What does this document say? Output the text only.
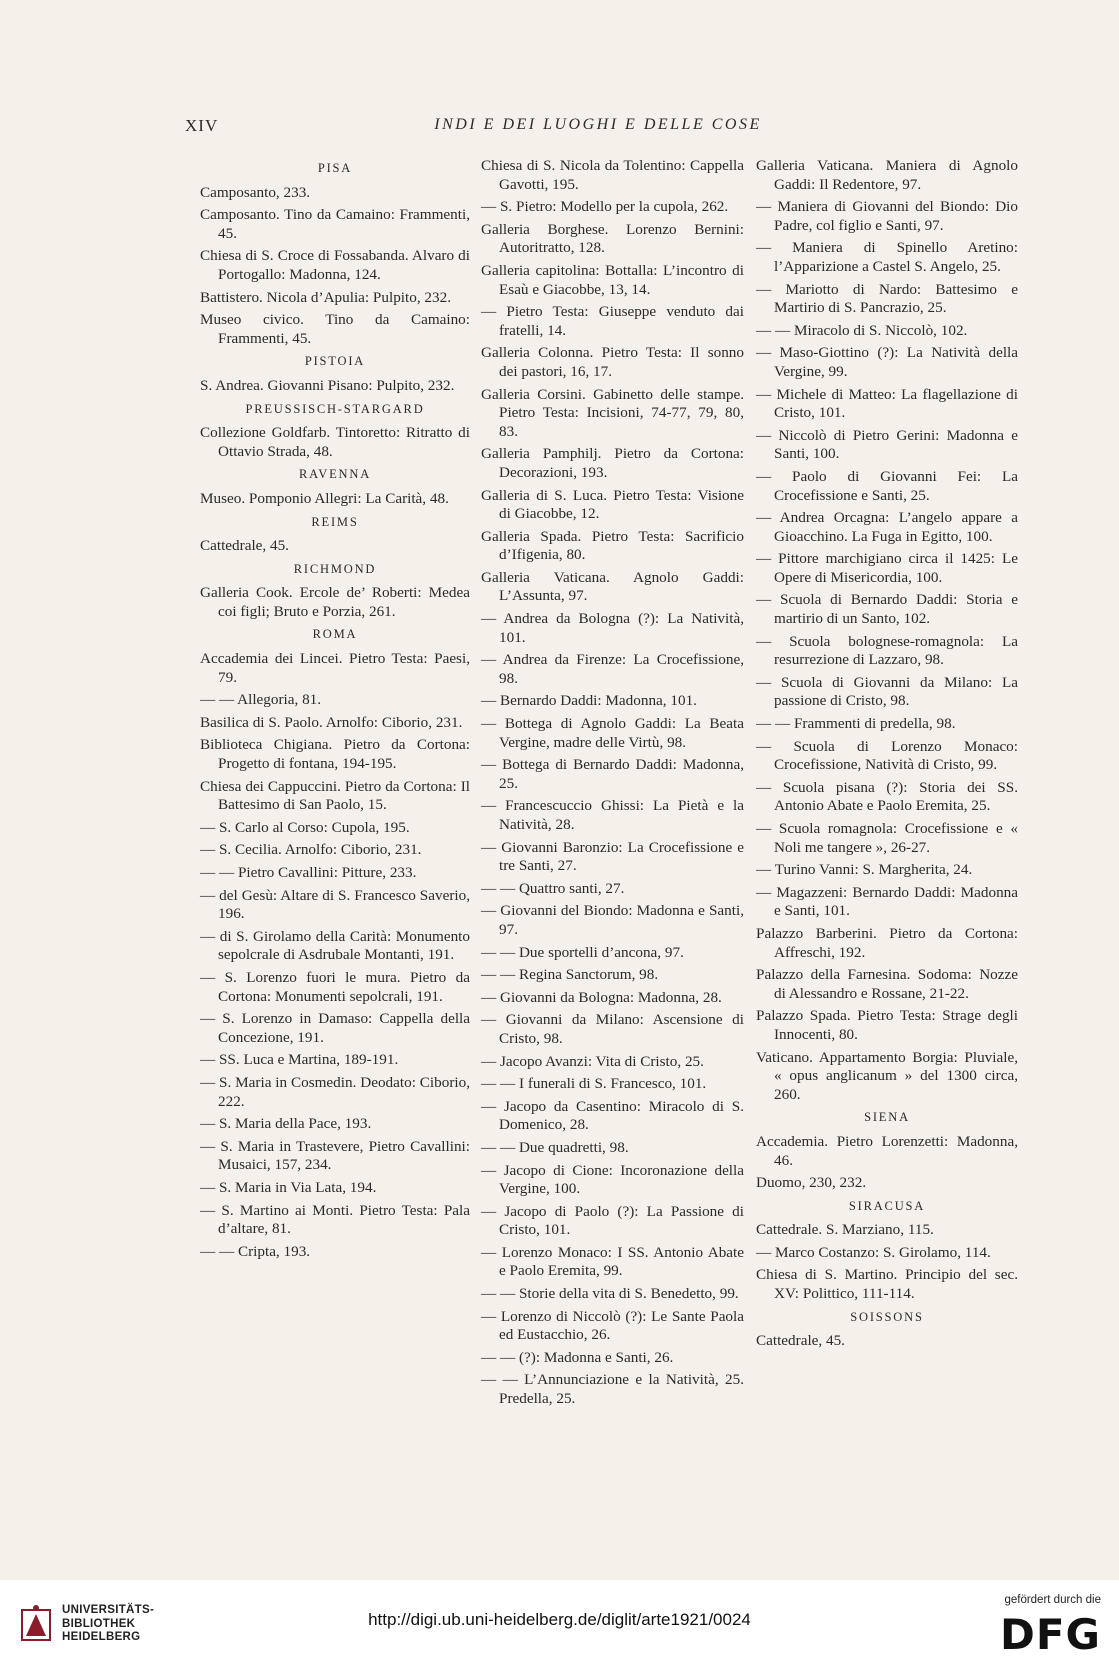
XIV	INDI E DEI LUOGHI E DELLE COSE
PISA
Camposanto, 233.
Camposanto. Tino da Camaino: Frammenti, 45.
Chiesa di S. Croce di Fossabanda. Alvaro di Portogallo: Madonna, 124.
Battistero. Nicola d’Apulia: Pulpito, 232.
Museo civico. Tino da Camaino: Frammenti, 45.
PISTOIA
S. Andrea. Giovanni Pisano: Pulpito, 232.
PREUSSISCH-STARGARD
Collezione Goldfarb. Tintoretto: Ritratto di Ottavio Strada, 48.
RAVENNA
Museo. Pomponio Allegri: La Carità, 48.
REIMS
Cattedrale, 45.
RICHMOND
Galleria Cook. Ercole de’ Roberti: Medea coi figli; Bruto e Porzia, 261.
ROMA
Accademia dei Lincei. Pietro Testa: Paesi, 79.
— — Allegoria, 81.
Basilica di S. Paolo. Arnolfo: Ciborio, 231.
Biblioteca Chigiana. Pietro da Cortona: Progetto di fontana, 194-195.
Chiesa dei Cappuccini. Pietro da Cortona: Il Battesimo di San Paolo, 15.
— S. Carlo al Corso: Cupola, 195.
— S. Cecilia. Arnolfo: Ciborio, 231.
— — Pietro Cavallini: Pitture, 233.
— del Gesù: Altare di S. Francesco Saverio, 196.
— di S. Girolamo della Carità: Monumento sepolcrale di Asdrubale Montanti, 191.
— S. Lorenzo fuori le mura. Pietro da Cortona: Monumenti sepolcrali, 191.
— S. Lorenzo in Damaso: Cappella della Concezione, 191.
— SS. Luca e Martina, 189-191.
— S. Maria in Cosmedin. Deodato: Ciborio, 222.
— S. Maria della Pace, 193.
— S. Maria in Trastevere, Pietro Cavallini: Musaici, 157, 234.
— S. Maria in Via Lata, 194.
— S. Martino ai Monti. Pietro Testa: Pala d’altare, 81.
— — Cripta, 193.
Chiesa di S. Nicola da Tolentino: Cappella Gavotti, 195.
— S. Pietro: Modello per la cupola, 262.
Galleria Borghese. Lorenzo Bernini: Autoritratto, 128.
Galleria capitolina: Bottalla: L’incontro di Esaù e Giacobbe, 13, 14.
— Pietro Testa: Giuseppe venduto dai fratelli, 14.
Galleria Colonna. Pietro Testa: Il sonno dei pastori, 16, 17.
Galleria Corsini. Gabinetto delle stampe. Pietro Testa: Incisioni, 74-77, 79, 80, 83.
Galleria Pamphilj. Pietro da Cortona: Decorazioni, 193.
Galleria di S. Luca. Pietro Testa: Visione di Giacobbe, 12.
Galleria Spada. Pietro Testa: Sacrificio d’Ifigenia, 80.
Galleria Vaticana. Agnolo Gaddi: L’Assunta, 97.
— Andrea da Bologna (?): La Natività, 101.
— Andrea da Firenze: La Crocefissione, 98.
— Bernardo Daddi: Madonna, 101.
— Bottega di Agnolo Gaddi: La Beata Vergine, madre delle Virtù, 98.
— Bottega di Bernardo Daddi: Madonna, 25.
— Francescuccio Ghissi: La Pietà e la Natività, 28.
— Giovanni Baronzio: La Crocefissione e tre Santi, 27.
— — Quattro santi, 27.
— Giovanni del Biondo: Madonna e Santi, 97.
— — Due sportelli d’ancona, 97.
— — Regina Sanctorum, 98.
— Giovanni da Bologna: Madonna, 28.
— Giovanni da Milano: Ascensione di Cristo, 98.
— Jacopo Avanzi: Vita di Cristo, 25.
— — I funerali di S. Francesco, 101.
— Jacopo da Casentino: Miracolo di S. Domenico, 28.
— — Due quadretti, 98.
— Jacopo di Cione: Incoronazione della Vergine, 100.
— Jacopo di Paolo (?): La Passione di Cristo, 101.
— Lorenzo Monaco: I SS. Antonio Abate e Paolo Eremita, 99.
— — Storie della vita di S. Benedetto, 99.
— Lorenzo di Niccolò (?): Le Sante Paola ed Eustacchio, 26.
— — (?): Madonna e Santi, 26.
— — L’Annunciazione e la Natività, 25. Predella, 25.
Galleria Vaticana. Maniera di Agnolo Gaddi: Il Redentore, 97.
— Maniera di Giovanni del Biondo: Dio Padre, col figlio e Santi, 97.
— Maniera di Spinello Aretino: l’Apparizione a Castel S. Angelo, 25.
— Mariotto di Nardo: Battesimo e Martirio di S. Pancrazio, 25.
— — Miracolo di S. Niccolò, 102.
— Maso-Giottino (?): La Natività della Vergine, 99.
— Michele di Matteo: La flagellazione di Cristo, 101.
— Niccolò di Pietro Gerini: Madonna e Santi, 100.
— Paolo di Giovanni Fei: La Crocefissione e Santi, 25.
— Andrea Orcagna: L’angelo appare a Gioacchino. La Fuga in Egitto, 100.
— Pittore marchigiano circa il 1425: Le Opere di Misericordia, 100.
— Scuola di Bernardo Daddi: Storia e martirio di un Santo, 102.
— Scuola bolognese-romagnola: La resurrezione di Lazzaro, 98.
— Scuola di Giovanni da Milano: La passione di Cristo, 98.
— — Frammenti di predella, 98.
— Scuola di Lorenzo Monaco: Crocefissione, Natività di Cristo, 99.
— Scuola pisana (?): Storia dei SS. Antonio Abate e Paolo Eremita, 25.
— Scuola romagnola: Crocefissione e « Noli me tangere », 26-27.
— Turino Vanni: S. Margherita, 24.
— Magazzeni: Bernardo Daddi: Madonna e Santi, 101.
Palazzo Barberini. Pietro da Cortona: Affreschi, 192.
Palazzo della Farnesina. Sodoma: Nozze di Alessandro e Rossane, 21-22.
Palazzo Spada. Pietro Testa: Strage degli Innocenti, 80.
Vaticano. Appartamento Borgia: Pluviale, « opus anglicanum » del 1300 circa, 260.
SIENA
Accademia. Pietro Lorenzetti: Madonna, 46.
Duomo, 230, 232.
SIRACUSA
Cattedrale. S. Marziano, 115.
— Marco Costanzo: S. Girolamo, 114.
Chiesa di S. Martino. Principio del sec. XV: Polittico, 111-114.
SOISSONS
Cattedrale, 45.
UNIVERSITÄTS-
BIBLIOTHEK
HEIDELBERG
http://digi.ub.uni-heidelberg.de/diglit/arte1921/0024
gefördert durch die
DFG
